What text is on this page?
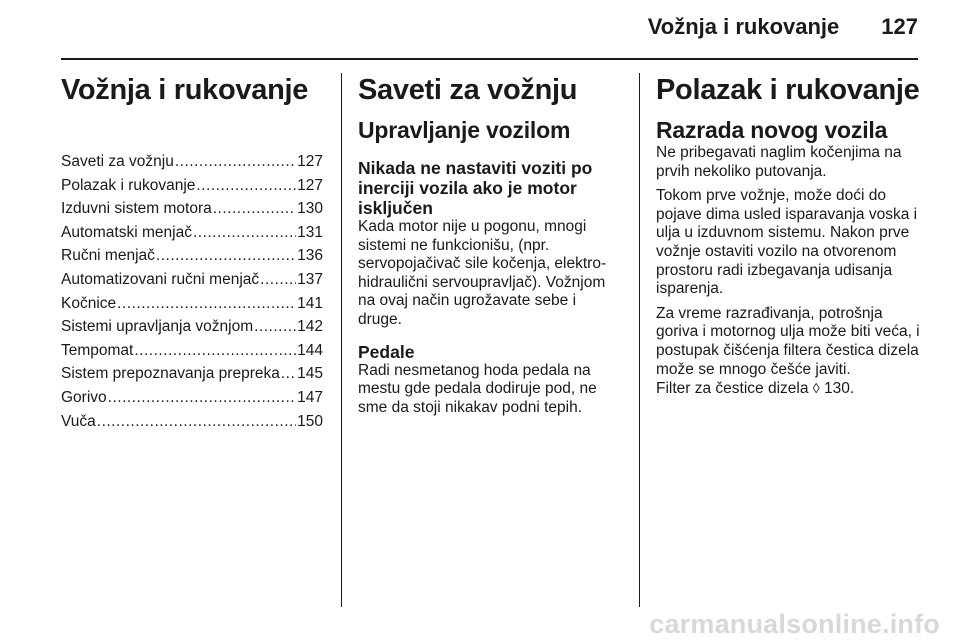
Vožnja i rukovanje 127
Vožnja i rukovanje
Saveti za vožnju .....	127
Polazak i rukovanje .....	127
Izduvni sistem motora .....	130
Automatski menjač .....	131
Ručni menjač .....	136
Automatizovani ručni menjač ..... 137
Kočnice .....	141
Sistemi upravljanja vožnjom .....	142
Tempomat .....	144
Sistem prepoznavanja prepreka ..... 145
Gorivo .....	147
Vuča .....	150
Saveti za vožnju
Upravljanje vozilom
Nikada ne nastaviti voziti po inerciji vozila ako je motor isključen

Kada motor nije u pogonu, mnogi sistemi ne funkcionišu, (npr. servopojačivač sile kočenja, elektro-hidraulični servoupravljač). Vožnjom na ovaj način ugrožavate sebe i druge.

Pedale

Radi nesmetanog hoda pedala na mestu gde pedala dodiruje pod, ne sme da stoji nikakav podni tepih.

Polazak i rukovanje
Razrada novog vozila

Ne pribegavati naglim kočenjima na prvih nekoliko putovanja.

Tokom prve vožnje, može doći do pojave dima usled isparavanja voska i ulja u izduvnom sistemu. Nakon prve vožnje ostaviti vozilo na otvorenom prostoru radi izbegavanja udisanja isparenja.

Za vreme razrađivanja, potrošnja goriva i motornog ulja može biti veća, i postupak čišćenja filtera čestica dizela može se mnogo češće javiti.

Filter za čestice dizela ◊ 130.

carmanualsonline.info
